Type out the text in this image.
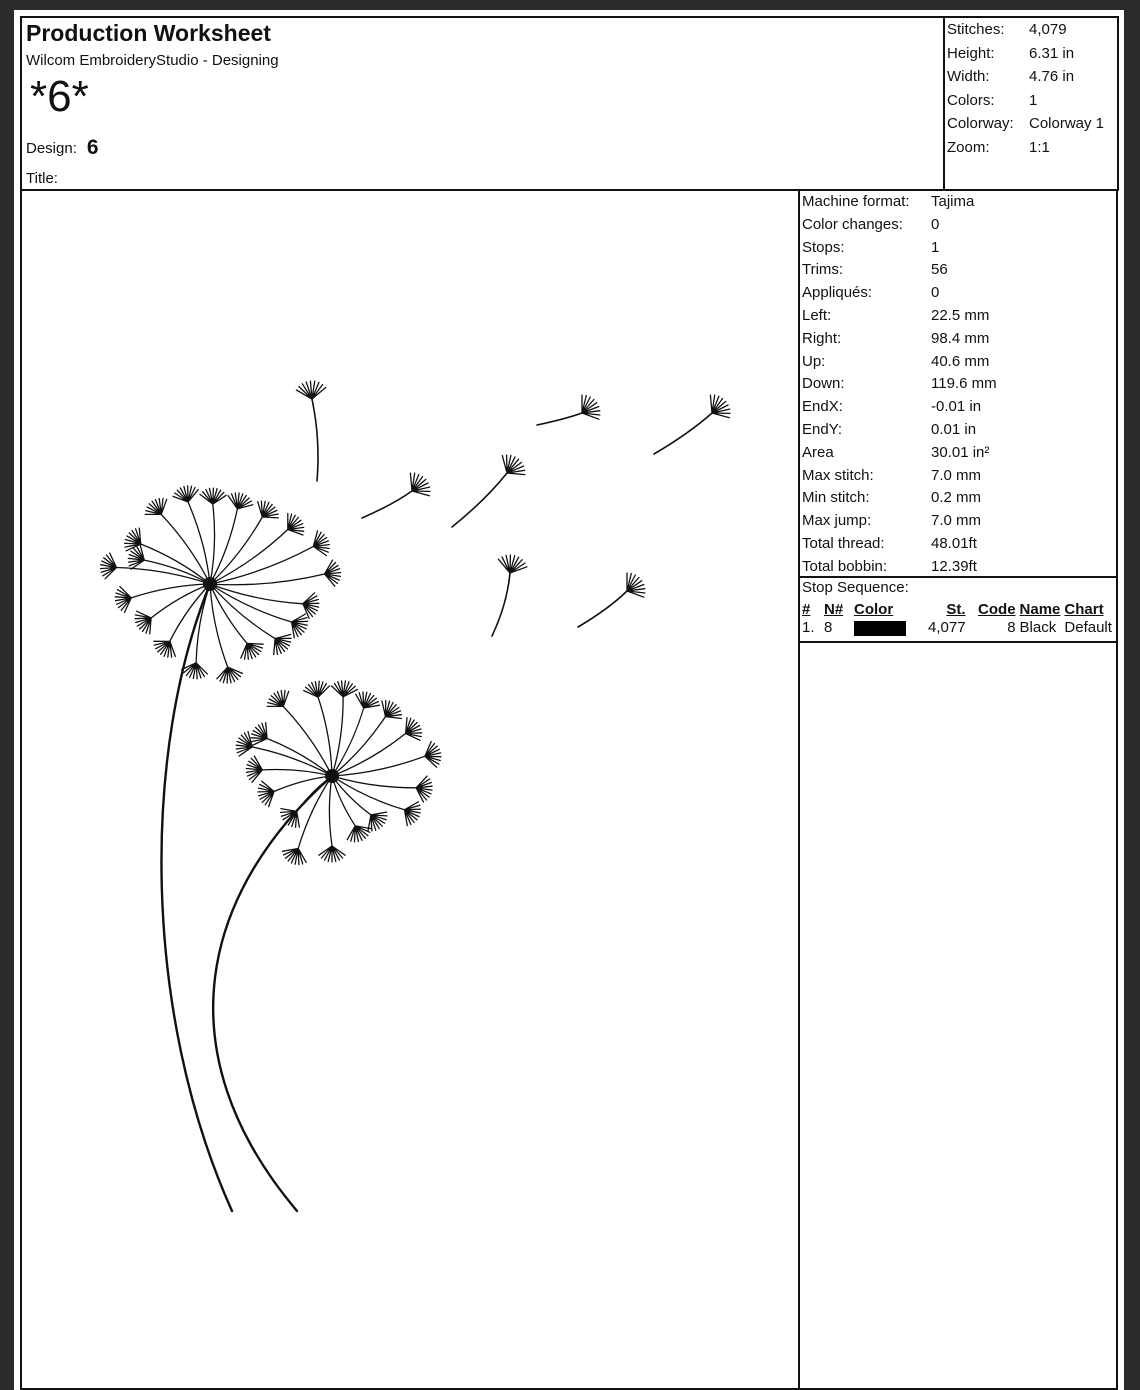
Production Worksheet
Wilcom EmbroideryStudio - Designing
*6*
Design: 6
Title:
Stitches:	4,079
Height:	6.31 in
Width:	4.76 in
Colors:	1
Colorway:	Colorway 1
Zoom:	1:1
Machine format:	Tajima
Color changes:	0
Stops:	1
Trims:	56
Appliqués:	0
Left:	22.5 mm
Right:	98.4 mm
Up:	40.6 mm
Down:	119.6 mm
EndX:	-0.01 in
EndY:	0.01 in
Area	30.01 in²
Max stitch:	7.0 mm
Min stitch:	0.2 mm
Max jump:	7.0 mm
Total thread:	48.01ft
Total bobbin:	12.39ft
Stop Sequence:
#	N#	Color	St.	Code	Name	Chart
1.	8		4,077	8	Black	Default
